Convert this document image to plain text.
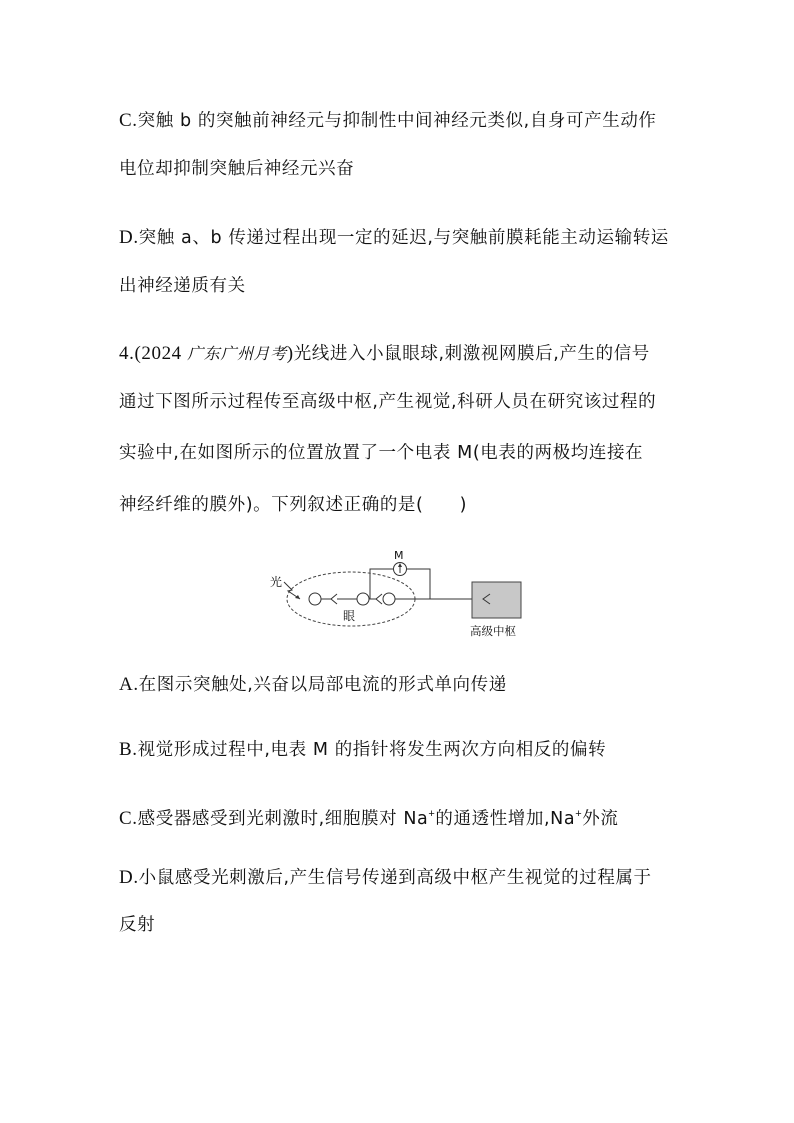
C.突触 b 的突触前神经元与抑制性中间神经元类似,自身可产生动作
电位却抑制突触后神经元兴奋
D.突触 a、b 传递过程出现一定的延迟,与突触前膜耗能主动运输转运
出神经递质有关
4.(2024 广东广州月考)光线进入小鼠眼球,刺激视网膜后,产生的信号
通过下图所示过程传至高级中枢,产生视觉,科研人员在研究该过程的
实验中,在如图所示的位置放置了一个电表 M(电表的两极均连接在
神经纤维的膜外)。下列叙述正确的是(　　)
光
眼
M
高级中枢
A.在图示突触处,兴奋以局部电流的形式单向传递
B.视觉形成过程中,电表 M 的指针将发生两次方向相反的偏转
C.感受器感受到光刺激时,细胞膜对 Na+的通透性增加,Na+外流
D.小鼠感受光刺激后,产生信号传递到高级中枢产生视觉的过程属于
反射
